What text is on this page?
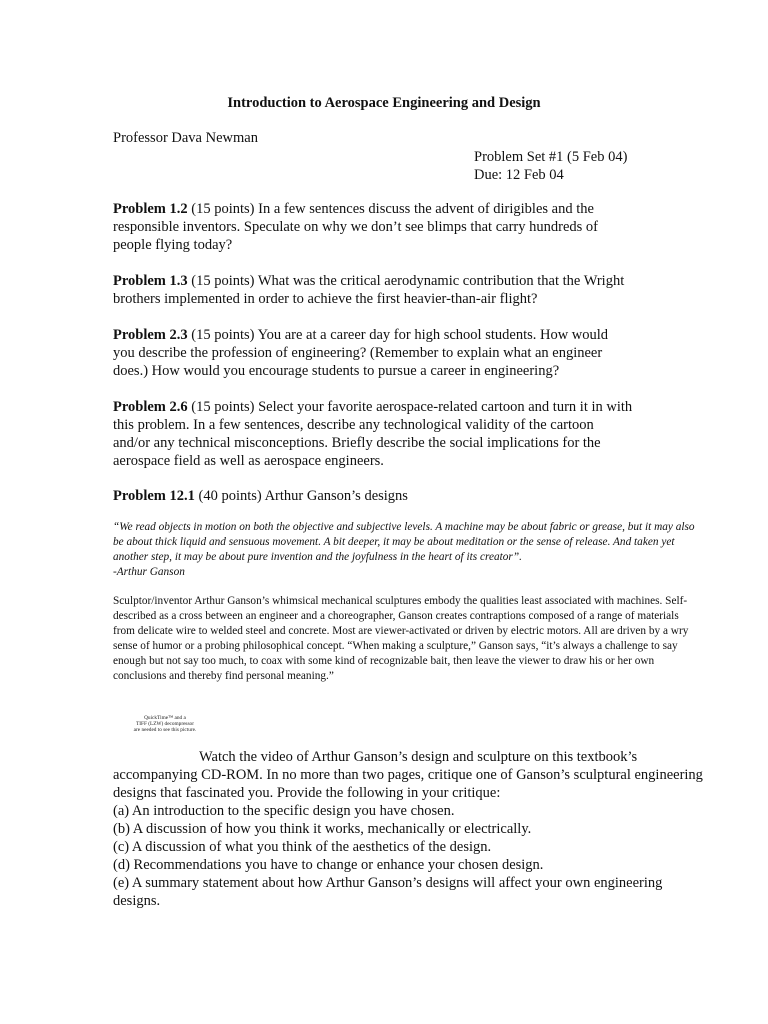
Introduction to Aerospace Engineering and Design
Professor Dava Newman
Problem Set #1 (5 Feb 04)
Due: 12 Feb 04

Problem 1.2 (15 points) In a few sentences discuss the advent of dirigibles and the responsible inventors. Speculate on why we don’t see blimps that carry hundreds of people flying today?

Problem 1.3 (15 points) What was the critical aerodynamic contribution that the Wright brothers implemented in order to achieve the first heavier-than-air flight?

Problem 2.3 (15 points) You are at a career day for high school students. How would you describe the profession of engineering? (Remember to explain what an engineer does.) How would you encourage students to pursue a career in engineering?

Problem 2.6 (15 points) Select your favorite aerospace-related cartoon and turn it in with this problem. In a few sentences, describe any technological validity of the cartoon and/or any technical misconceptions. Briefly describe the social implications for the aerospace field as well as aerospace engineers.

Problem 12.1 (40 points) Arthur Ganson’s designs

“We read objects in motion on both the objective and subjective levels. A machine may be about fabric or grease, but it may also be about thick liquid and sensuous movement. A bit deeper, it may be about meditation or the sense of release. And taken yet another step, it may be about pure invention and the joyfulness in the heart of its creator”.
-Arthur Ganson

Sculptor/inventor Arthur Ganson’s whimsical mechanical sculptures embody the qualities least associated with machines. Self-described as a cross between an engineer and a choreographer, Ganson creates contraptions composed of a range of materials from delicate wire to welded steel and concrete. Most are viewer-activated or driven by electric motors. All are driven by a wry sense of humor or a probing philosophical concept. “When making a sculpture,” Ganson says, “it’s always a challenge to say enough but not say too much, to coax with some kind of recognizable bait, then leave the viewer to draw his or her own conclusions and thereby find personal meaning.”

QuickTime™ and a
TIFF (LZW) decompressor
are needed to see this picture.

Watch the video of Arthur Ganson’s design and sculpture on this textbook’s accompanying CD-ROM. In no more than two pages, critique one of Ganson’s sculptural engineering designs that fascinated you. Provide the following in your critique:
(a) An introduction to the specific design you have chosen.
(b) A discussion of how you think it works, mechanically or electrically.
(c) A discussion of what you think of the aesthetics of the design.
(d) Recommendations you have to change or enhance your chosen design.
(e) A summary statement about how Arthur Ganson’s designs will affect your own engineering designs.
